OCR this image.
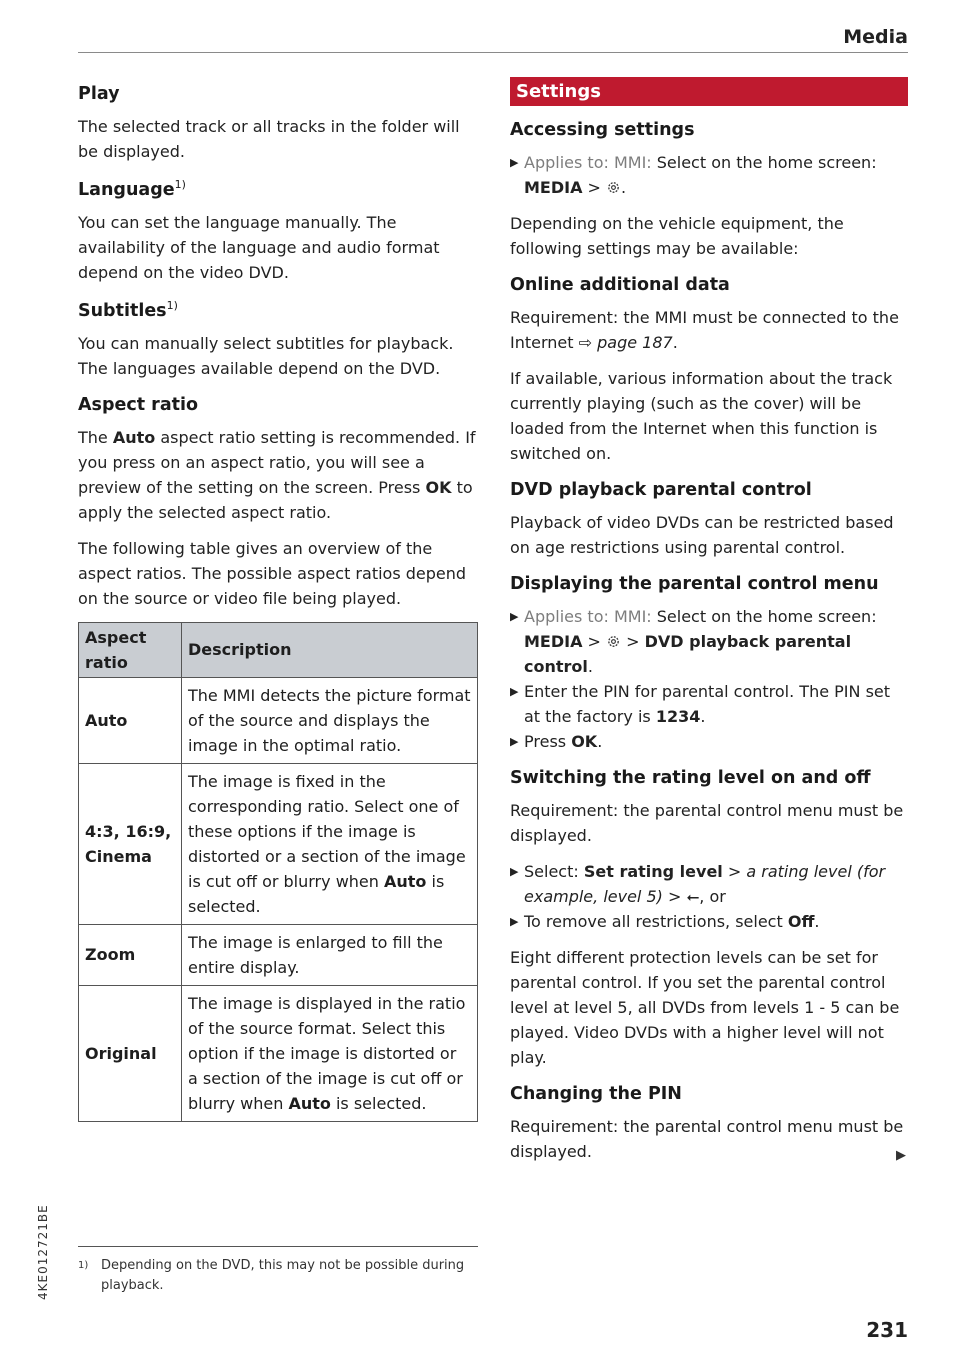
Media
4KE012721BE
Play

The selected track or all tracks in the folder will be displayed.

Language$^{1)}$

You can set the language manually. The availability of the language and audio format depend on the video DVD.

Subtitles$^{1)}$

You can manually select subtitles for playback. The languages available depend on the DVD.

Aspect ratio

The Auto aspect ratio setting is recommended. If you press on an aspect ratio, you will see a preview of the setting on the screen. Press OK to apply the selected aspect ratio.

The following table gives an overview of the aspect ratios. The possible aspect ratios depend on the source or video file being played.

Aspect ratio	Description
Auto	The MMI detects the picture format of the source and displays the image in the optimal ratio.
4:3, 16:9, Cinema	The image is fixed in the corresponding ratio. Select one of these options if the image is distorted or a section of the image is cut off or blurry when Auto is selected.
Zoom	The image is enlarged to fill the entire display.
Original	The image is displayed in the ratio of the source format. Select this option if the image is distorted or a section of the image is cut off or blurry when Auto is selected.
Settings
Accessing settings

▶ Applies to: MMI: Select on the home screen:
MEDIA > .

Depending on the vehicle equipment, the following settings may be available:

Online additional data

Requirement: the MMI must be connected to the Internet ⇨ page 187.

If available, various information about the track currently playing (such as the cover) will be loaded from the Internet when this function is switched on.

DVD playback parental control

Playback of video DVDs can be restricted based on age restrictions using parental control.

Displaying the parental control menu

▶ Applies to: MMI: Select on the home screen:
MEDIA >  > DVD playback parental control.

▶ Enter the PIN for parental control. The PIN set at the factory is 1234.

▶ Press OK.

Switching the rating level on and off

Requirement: the parental control menu must be displayed.

▶ Select: Set rating level > a rating level (for example, level 5) > ⭠, or

▶ To remove all restrictions, select Off.

Eight different protection levels can be set for parental control. If you set the parental control level at level 5, all DVDs from levels 1 - 5 can be played. Video DVDs with a higher level will not play.

Changing the PIN

Requirement: the parental control menu must be displayed.	▶
1) Depending on the DVD, this may not be possible during playback.
231
